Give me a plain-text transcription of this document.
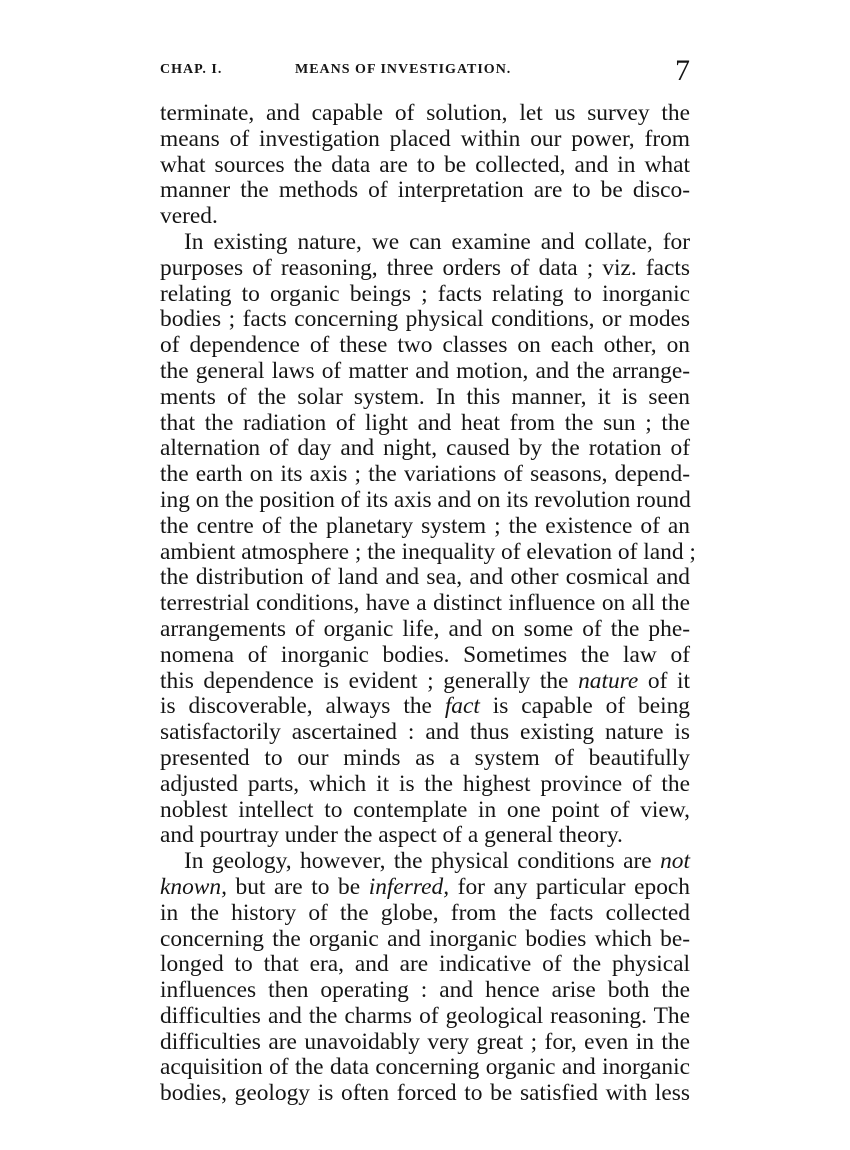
CHAP. I.	MEANS OF INVESTIGATION.	7
terminate, and capable of solution, let us survey the
means of investigation placed within our power, from
what sources the data are to be collected, and in what
manner the methods of interpretation are to be disco-
vered.
In existing nature, we can examine and collate, for
purposes of reasoning, three orders of data ; viz. facts
relating to organic beings ; facts relating to inorganic
bodies ; facts concerning physical conditions, or modes
of dependence of these two classes on each other, on
the general laws of matter and motion, and the arrange-
ments of the solar system. In this manner, it is seen
that the radiation of light and heat from the sun ; the
alternation of day and night, caused by the rotation of
the earth on its axis ; the variations of seasons, depend-
ing on the position of its axis and on its revolution round
the centre of the planetary system ; the existence of an
ambient atmosphere ; the inequality of elevation of land ;
the distribution of land and sea, and other cosmical and
terrestrial conditions, have a distinct influence on all the
arrangements of organic life, and on some of the phe-
nomena of inorganic bodies. Sometimes the law of
this dependence is evident ; generally the nature of it
is discoverable, always the fact is capable of being
satisfactorily ascertained : and thus existing nature is
presented to our minds as a system of beautifully
adjusted parts, which it is the highest province of the
noblest intellect to contemplate in one point of view,
and pourtray under the aspect of a general theory.
In geology, however, the physical conditions are not
known, but are to be inferred, for any particular epoch
in the history of the globe, from the facts collected
concerning the organic and inorganic bodies which be-
longed to that era, and are indicative of the physical
influences then operating : and hence arise both the
difficulties and the charms of geological reasoning. The
difficulties are unavoidably very great ; for, even in the
acquisition of the data concerning organic and inorganic
bodies, geology is often forced to be satisfied with less
